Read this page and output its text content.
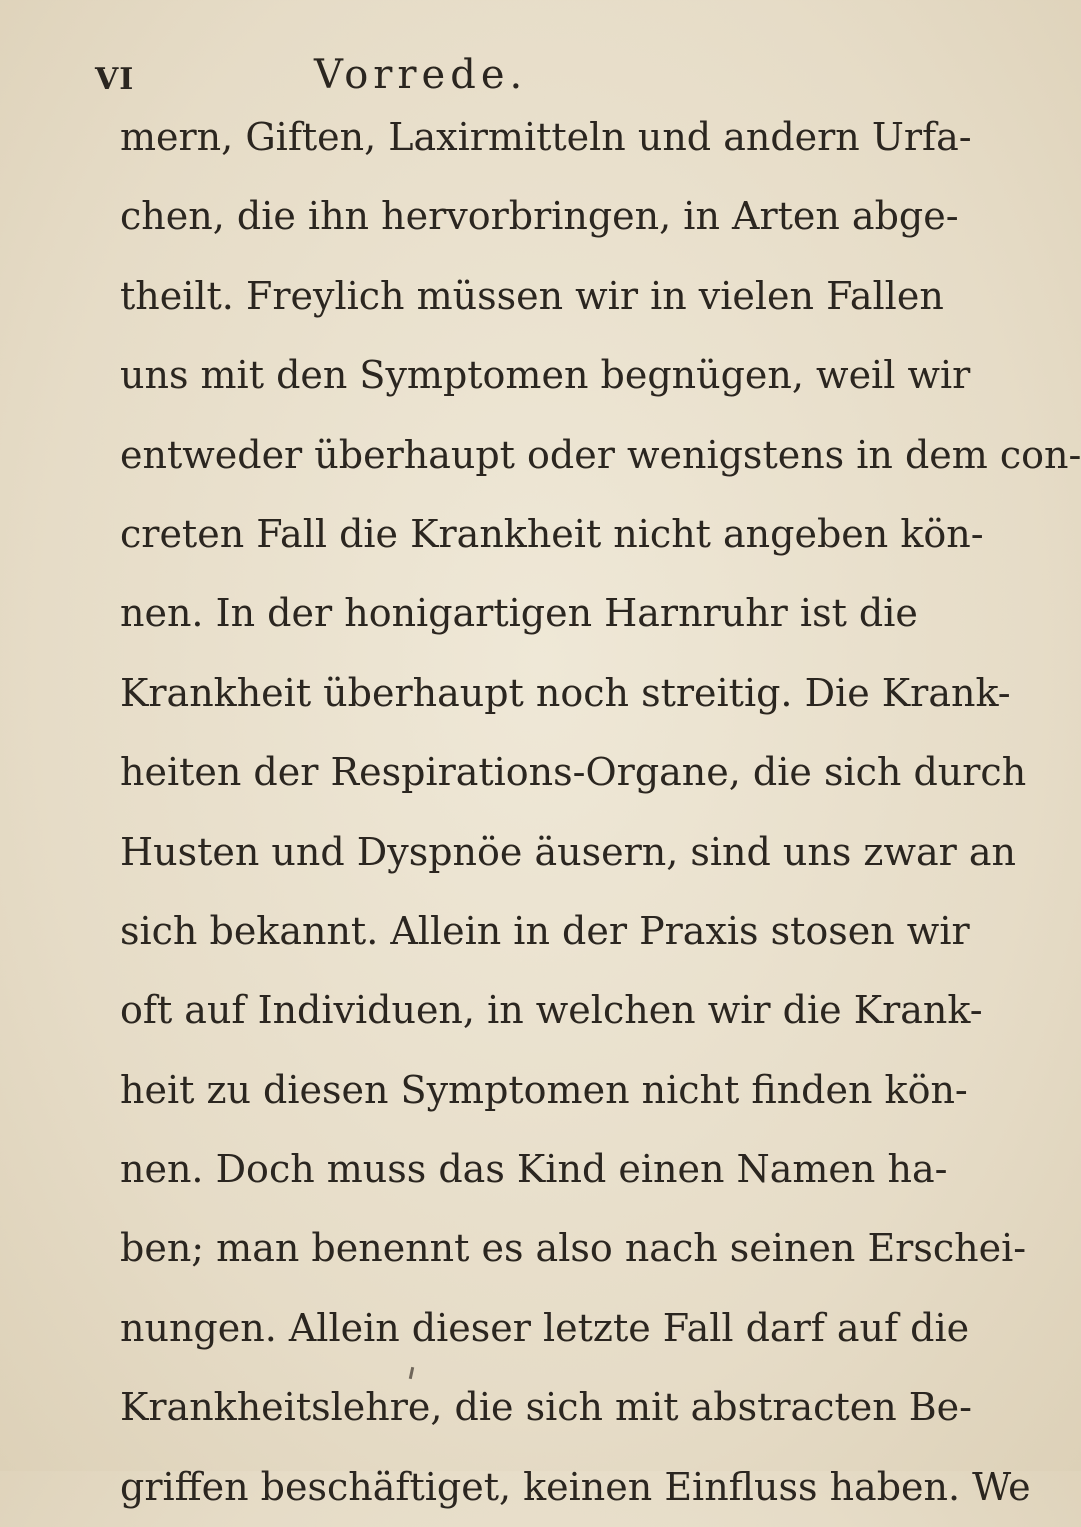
VI	Vorrede.
mern, Giften, Laxirmitteln und andern Urfa-
chen, die ihn hervorbringen, in Arten abge-
theilt. Freylich müssen wir in vielen Fallen
uns mit den Symptomen begnügen, weil wir
entweder überhaupt oder wenigstens in dem con-
creten Fall die Krankheit nicht angeben kön-
nen. In der honigartigen Harnruhr ist die
Krankheit überhaupt noch streitig. Die Krank-
heiten der Respirations-Organe, die sich durch
Husten und Dyspnöe äusern, sind uns zwar an
sich bekannt. Allein in der Praxis stosen wir
oft auf Individuen, in welchen wir die Krank-
heit zu diesen Symptomen nicht finden kön-
nen. Doch muss das Kind einen Namen ha-
ben; man benennt es also nach seinen Erschei-
nungen. Allein dieser letzte Fall darf auf die
Krankheitslehre, die sich mit abstracten Be-
griffen beschäftiget, keinen Einfluss haben. We
